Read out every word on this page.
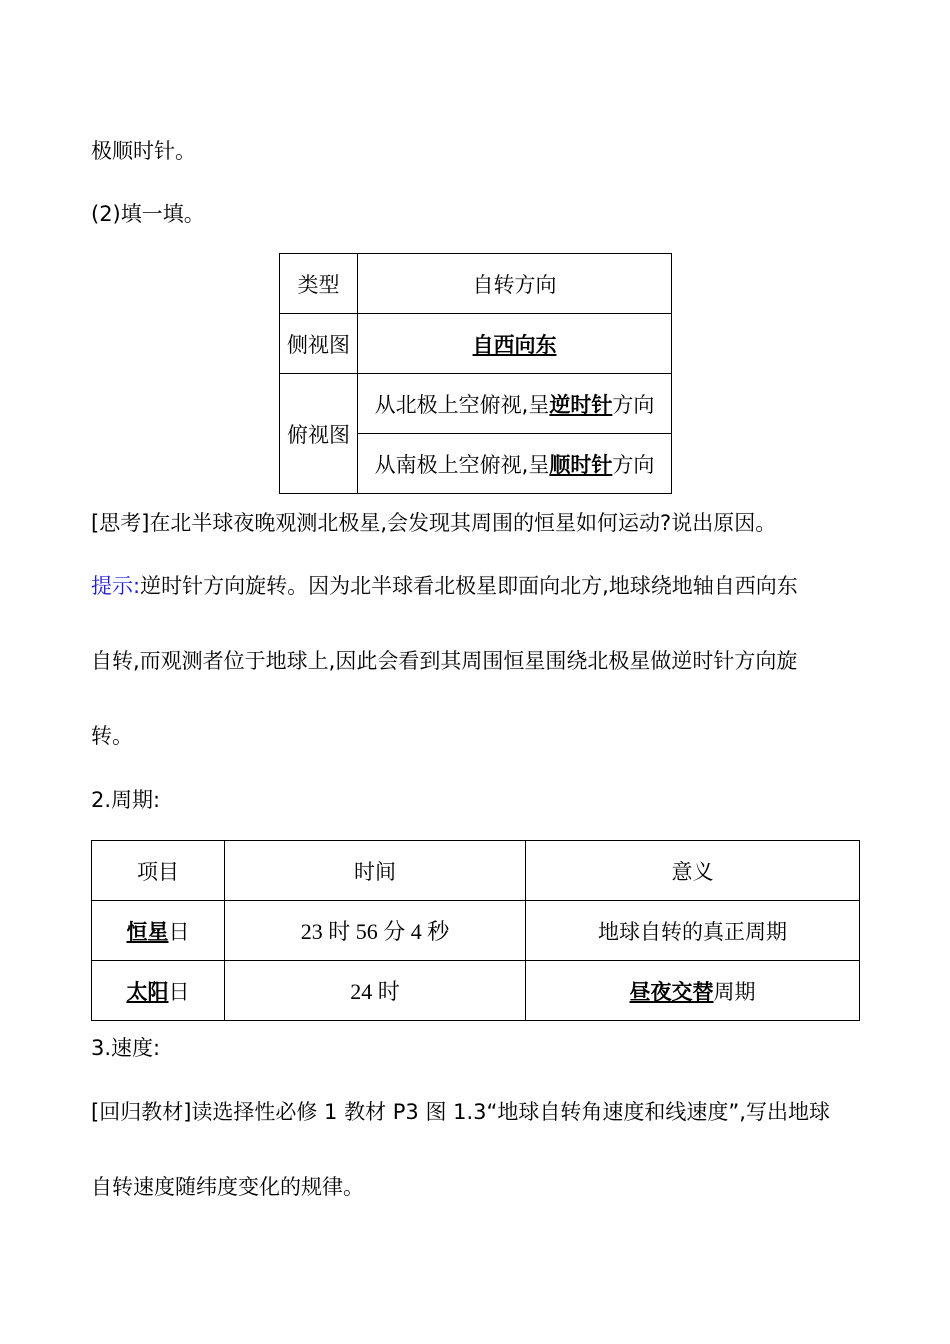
极顺时针。
(2)填一填。
类型	自转方向
侧视图	自西向东
俯视图	从北极上空俯视,呈逆时针方向
	从南极上空俯视,呈顺时针方向
[思考]在北半球夜晚观测北极星,会发现其周围的恒星如何运动?说出原因。
提示:逆时针方向旋转。因为北半球看北极星即面向北方,地球绕地轴自西向东
自转,而观测者位于地球上,因此会看到其周围恒星围绕北极星做逆时针方向旋
转。
2.周期:
项目	时间	意义
恒星日	23 时 56 分 4 秒	地球自转的真正周期
太阳日	24 时	昼夜交替周期
3.速度:
[回归教材]读选择性必修 1 教材 P3 图 1.3“地球自转角速度和线速度”,写出地球
自转速度随纬度变化的规律。
